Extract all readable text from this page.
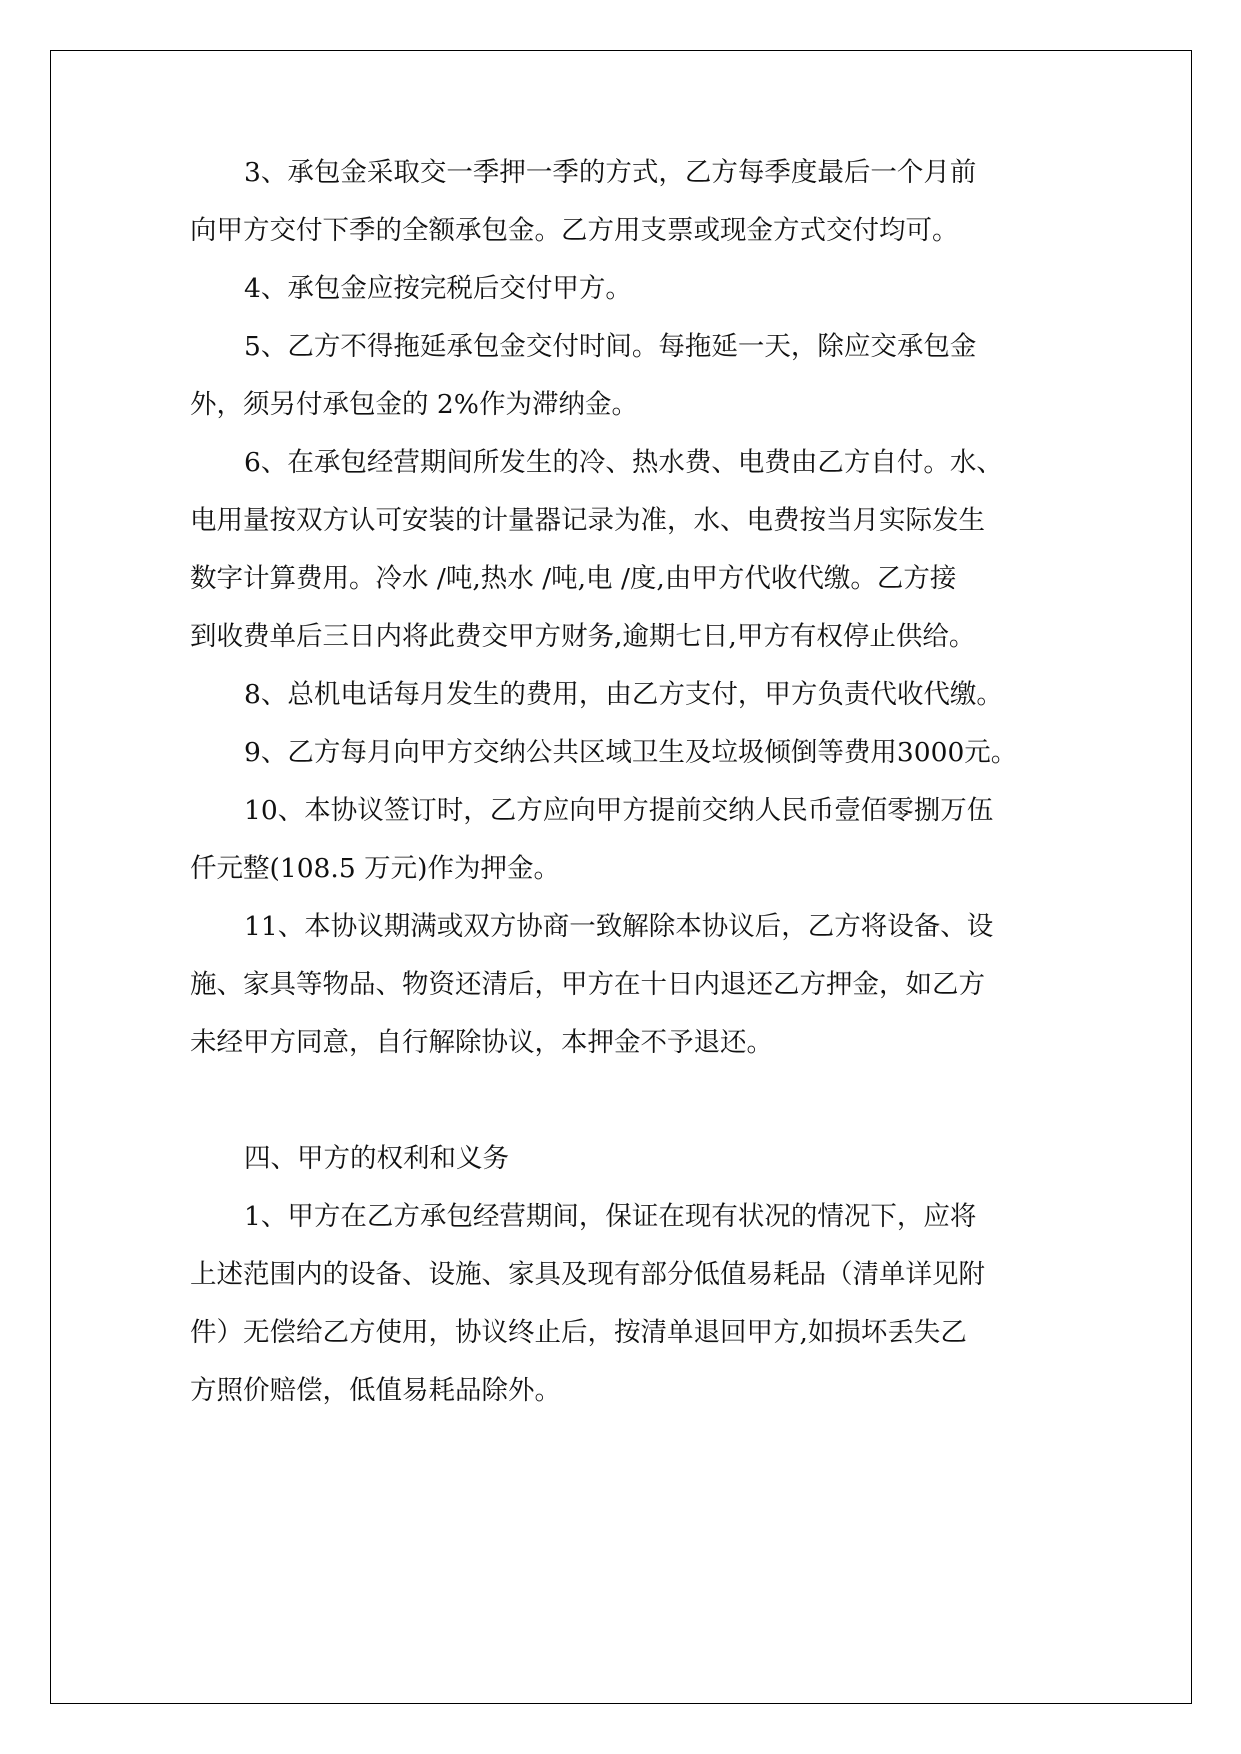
3、承包金采取交一季押一季的方式，乙方每季度最后一个月前
向甲方交付下季的全额承包金。乙方用支票或现金方式交付均可。
4、承包金应按完税后交付甲方。
5、乙方不得拖延承包金交付时间。每拖延一天，除应交承包金
外，须另付承包金的 2%作为滞纳金。
6、在承包经营期间所发生的冷、热水费、电费由乙方自付。水、
电用量按双方认可安装的计量器记录为准，水、电费按当月实际发生
数字计算费用。冷水 /吨,热水 /吨,电 /度,由甲方代收代缴。乙方接
到收费单后三日内将此费交甲方财务,逾期七日,甲方有权停止供给。
8、总机电话每月发生的费用，由乙方支付，甲方负责代收代缴。
9、乙方每月向甲方交纳公共区域卫生及垃圾倾倒等费用3000元。
10、本协议签订时，乙方应向甲方提前交纳人民币壹佰零捌万伍
仟元整(108.5 万元)作为押金。
11、本协议期满或双方协商一致解除本协议后，乙方将设备、设
施、家具等物品、物资还清后，甲方在十日内退还乙方押金，如乙方
未经甲方同意，自行解除协议，本押金不予退还。
四、甲方的权利和义务
1、甲方在乙方承包经营期间，保证在现有状况的情况下，应将
上述范围内的设备、设施、家具及现有部分低值易耗品（清单详见附
件）无偿给乙方使用，协议终止后，按清单退回甲方,如损坏丢失乙
方照价赔偿，低值易耗品除外。
